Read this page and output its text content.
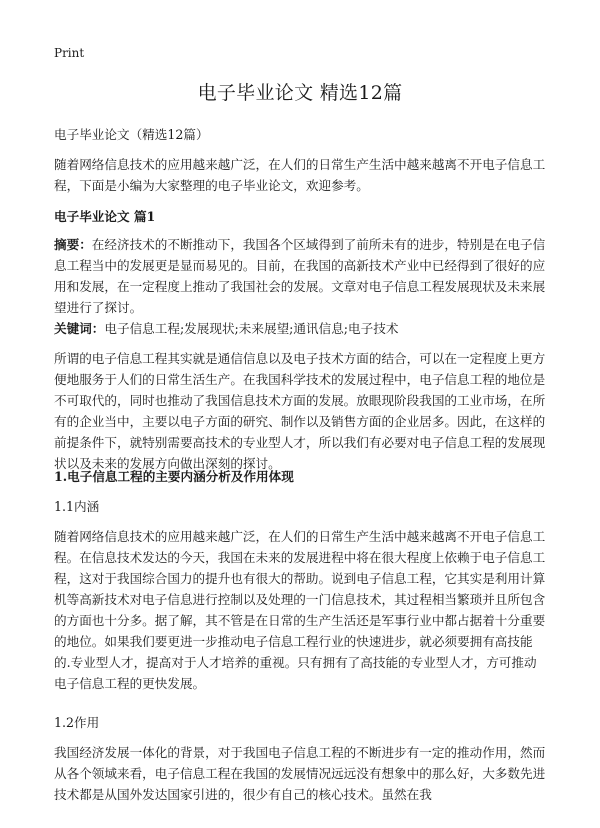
Print
电子毕业论文 精选12篇
电子毕业论文（精选12篇）
随着网络信息技术的应用越来越广泛，在人们的日常生产生活中越来越离不开电子信息工程，下面是小编为大家整理的电子毕业论文，欢迎参考。
电子毕业论文 篇1
摘要：在经济技术的不断推动下，我国各个区域得到了前所未有的进步，特别是在电子信息工程当中的发展更是显而易见的。目前，在我国的高新技术产业中已经得到了很好的应用和发展，在一定程度上推动了我国社会的发展。文章对电子信息工程发展现状及未来展望进行了探讨。
关键词：电子信息工程;发展现状;未来展望;通讯信息;电子技术
所谓的电子信息工程其实就是通信信息以及电子技术方面的结合，可以在一定程度上更方便地服务于人们的日常生活生产。在我国科学技术的发展过程中，电子信息工程的地位是不可取代的，同时也推动了我国信息技术方面的发展。放眼现阶段我国的工业市场，在所有的企业当中，主要以电子方面的研究、制作以及销售方面的企业居多。因此，在这样的前提条件下，就特别需要高技术的专业型人才，所以我们有必要对电子信息工程的发展现状以及未来的发展方向做出深刻的探讨。
1.电子信息工程的主要内涵分析及作用体现
1.1内涵
随着网络信息技术的应用越来越广泛，在人们的日常生产生活中越来越离不开电子信息工程。在信息技术发达的今天，我国在未来的发展进程中将在很大程度上依赖于电子信息工程，这对于我国综合国力的提升也有很大的帮助。说到电子信息工程，它其实是利用计算机等高新技术对电子信息进行控制以及处理的一门信息技术，其过程相当繁琐并且所包含的方面也十分多。据了解，其不管是在日常的生产生活还是军事行业中都占据着十分重要的地位。如果我们要更进一步推动电子信息工程行业的快速进步，就必须要拥有高技能的.专业型人才，提高对于人才培养的重视。只有拥有了高技能的专业型人才，方可推动电子信息工程的更快发展。
1.2作用
我国经济发展一体化的背景，对于我国电子信息工程的不断进步有一定的推动作用，然而从各个领域来看，电子信息工程在我国的发展情况远远没有想象中的那么好，大多数先进技术都是从国外发达国家引进的，很少有自己的核心技术。虽然在我
